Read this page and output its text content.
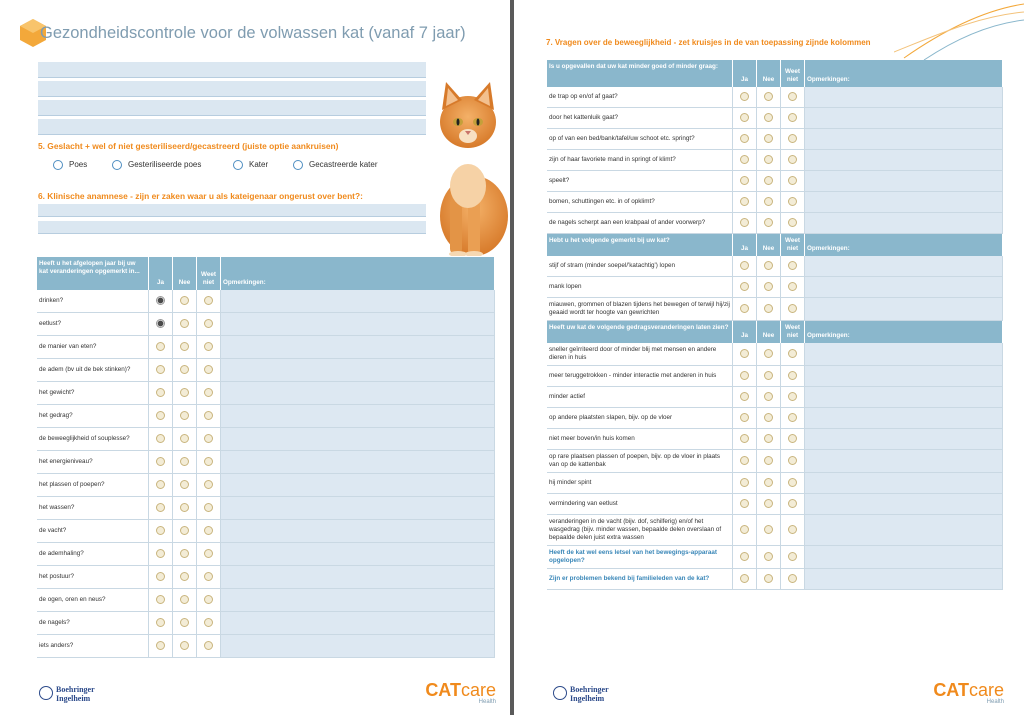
Gezondheidscontrole voor de volwassen kat (vanaf 7 jaar)
5. Geslacht + wel of niet gesteriliseerd/gecastreerd (juiste optie aankruisen)
Poes	Gesteriliseerde poes	Kater	Gecastreerde kater
6. Klinische anamnese - zijn er zaken waar u als kateigenaar ongerust over bent?:
Heeft u het afgelopen jaar bij uw kat veranderingen opgemerkt in...	Ja	Nee	Weet niet	Opmerkingen:
drinken?				
eetlust?				
de manier van eten?				
de adem (bv uit de bek stinken)?				
het gewicht?				
het gedrag?				
de beweeglijkheid of souplesse?				
het energieniveau?				
het plassen of poepen?				
het wassen?				
de vacht?				
de ademhaling?				
het postuur?				
de ogen, oren en neus?				
de nagels?				
iets anders?				
Boehringer
Ingelheim	CATcare
Health
7. Vragen over de beweeglijkheid - zet kruisjes in de van toepassing zijnde kolommen
Is u opgevallen dat uw kat minder goed of minder graag:	Ja	Nee	Weet niet	Opmerkingen:
de trap op en/of af gaat?				
door het kattenluik gaat?				
op of van een bed/bank/tafel/uw schoot etc. springt?				
zijn of haar favoriete mand in springt of klimt?				
speelt?				
bomen, schuttingen etc. in of opklimt?				
de nagels scherpt aan een krabpaal of ander voorwerp?				
Hebt u het volgende gemerkt bij uw kat?	Ja	Nee	Weet niet	Opmerkingen:
stijf of stram (minder soepel/'katachtig') lopen				
mank lopen				
miauwen, grommen of blazen tijdens het bewegen of terwijl hij/zij geaaid wordt ter hoogte van gewrichten				
Heeft uw kat de volgende gedragsveranderingen laten zien?	Ja	Nee	Weet niet	Opmerkingen:
sneller geïrriteerd door of minder blij met mensen en andere dieren in huis				
meer teruggetrokken - minder interactie met anderen in huis				
minder actief				
op andere plaatsten slapen, bijv. op de vloer				
niet meer boven/in huis komen				
op rare plaatsen plassen of poepen, bijv. op de vloer in plaats van op de kattenbak				
hij minder spint				
vermindering van eetlust				
veranderingen in de vacht (bijv. dof, schilferig) en/of het wasgedrag (bijv. minder wassen, bepaalde delen overslaan of bepaalde delen juist extra wassen				
Heeft de kat wel eens letsel van het bewegings-apparaat opgelopen?				
Zijn er problemen bekend bij familieleden van de kat?				
Boehringer
Ingelheim	CATcare
Health
